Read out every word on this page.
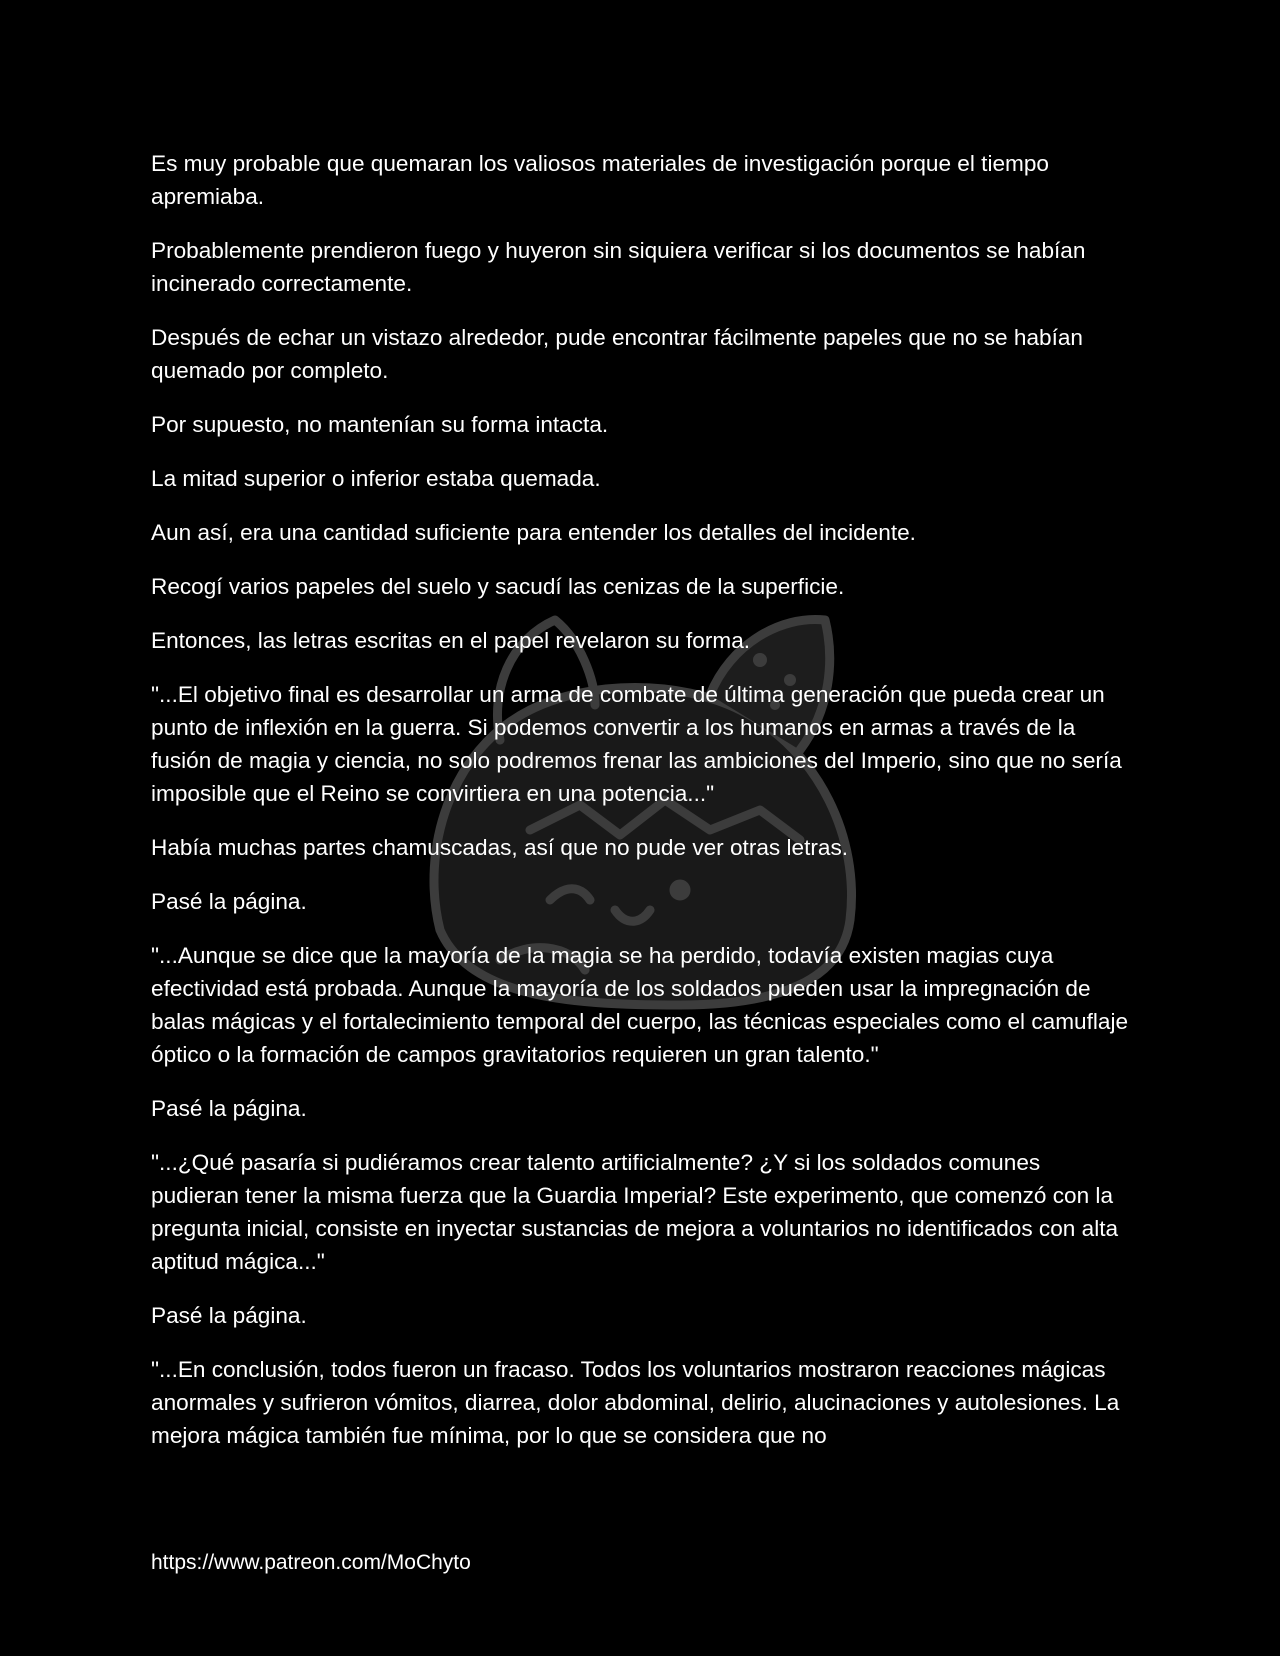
Es muy probable que quemaran los valiosos materiales de investigación porque el tiempo apremiaba.

Probablemente prendieron fuego y huyeron sin siquiera verificar si los documentos se habían incinerado correctamente.

Después de echar un vistazo alrededor, pude encontrar fácilmente papeles que no se habían quemado por completo.

Por supuesto, no mantenían su forma intacta.

La mitad superior o inferior estaba quemada.

Aun así, era una cantidad suficiente para entender los detalles del incidente.

Recogí varios papeles del suelo y sacudí las cenizas de la superficie.

Entonces, las letras escritas en el papel revelaron su forma.

"...El objetivo final es desarrollar un arma de combate de última generación que pueda crear un punto de inflexión en la guerra. Si podemos convertir a los humanos en armas a través de la fusión de magia y ciencia, no solo podremos frenar las ambiciones del Imperio, sino que no sería imposible que el Reino se convirtiera en una potencia..."

Había muchas partes chamuscadas, así que no pude ver otras letras.

Pasé la página.

"...Aunque se dice que la mayoría de la magia se ha perdido, todavía existen magias cuya efectividad está probada. Aunque la mayoría de los soldados pueden usar la impregnación de balas mágicas y el fortalecimiento temporal del cuerpo, las técnicas especiales como el camuflaje óptico o la formación de campos gravitatorios requieren un gran talento."

Pasé la página.

"...¿Qué pasaría si pudiéramos crear talento artificialmente? ¿Y si los soldados comunes pudieran tener la misma fuerza que la Guardia Imperial? Este experimento, que comenzó con la pregunta inicial, consiste en inyectar sustancias de mejora a voluntarios no identificados con alta aptitud mágica..."

Pasé la página.

"...En conclusión, todos fueron un fracaso. Todos los voluntarios mostraron reacciones mágicas anormales y sufrieron vómitos, diarrea, dolor abdominal, delirio, alucinaciones y autolesiones. La mejora mágica también fue mínima, por lo que se considera que no

https://www.patreon.com/MoChyto
